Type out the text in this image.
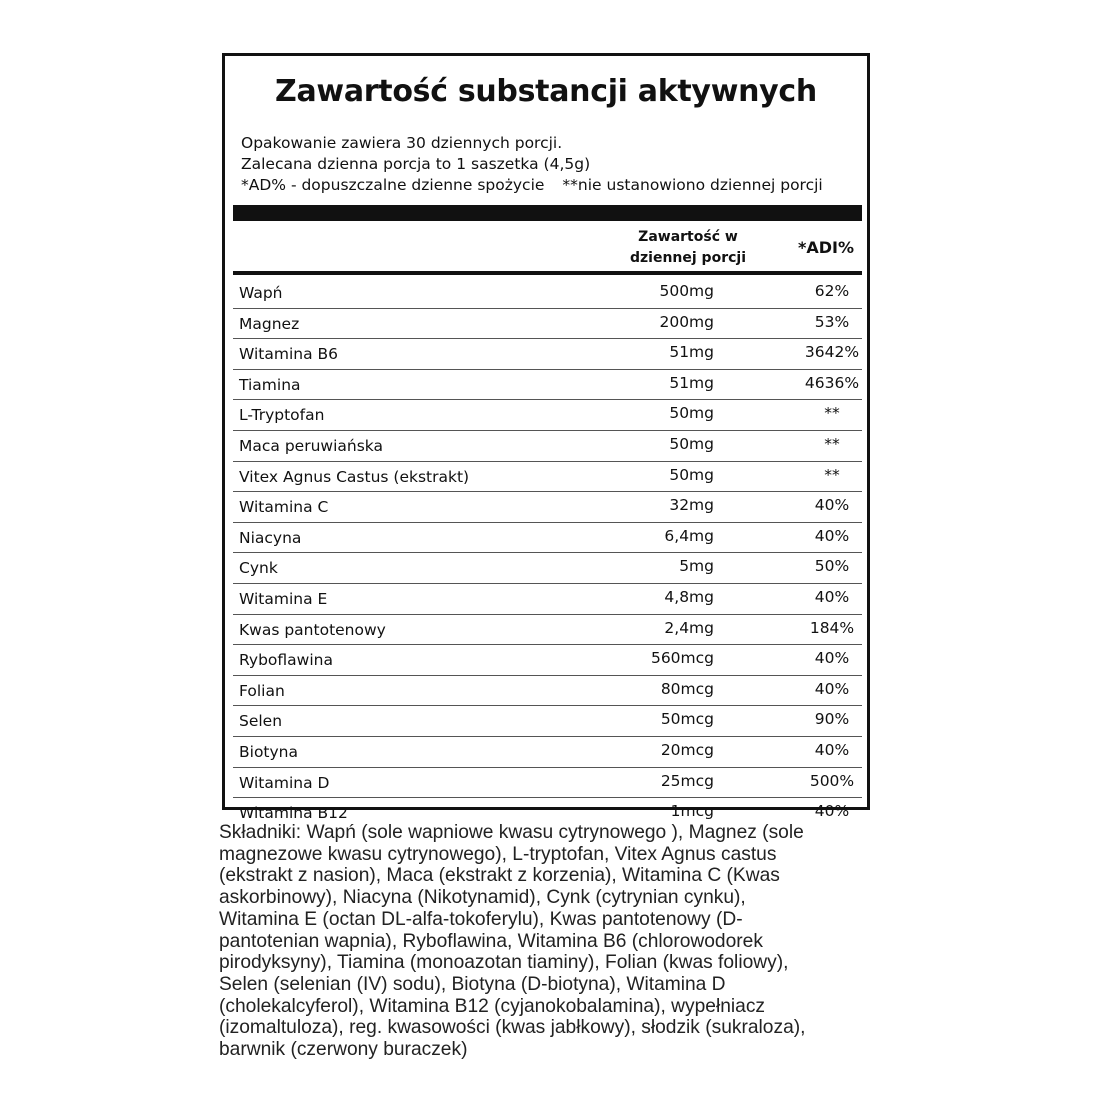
Zawartość substancji aktywnych
Opakowanie zawiera 30 dziennych porcji.
Zalecana dzienna porcja to 1 saszetka (4,5g)
*AD% - dopuszczalne dzienne spożycie **nie ustanowiono dziennej porcji
Zawartość w
dziennej porcji
*ADI%
Wapń	500mg	62%
Magnez	200mg	53%
Witamina B6	51mg	3642%
Tiamina	51mg	4636%
L-Tryptofan	50mg	**
Maca peruwiańska	50mg	**
Vitex Agnus Castus (ekstrakt)	50mg	**
Witamina C	32mg	40%
Niacyna	6,4mg	40%
Cynk	5mg	50%
Witamina E	4,8mg	40%
Kwas pantotenowy	2,4mg	184%
Ryboflawina	560mcg	40%
Folian	80mcg	40%
Selen	50mcg	90%
Biotyna	20mcg	40%
Witamina D	25mcg	500%
Witamina B12	1mcg	40%
Składniki: Wapń (sole wapniowe kwasu cytrynowego ), Magnez (sole
magnezowe kwasu cytrynowego), L-tryptofan, Vitex Agnus castus
(ekstrakt z nasion), Maca (ekstrakt z korzenia), Witamina C (Kwas
askorbinowy), Niacyna (Nikotynamid), Cynk (cytrynian cynku),
Witamina E (octan DL-alfa-tokoferylu), Kwas pantotenowy (D-
pantotenian wapnia), Ryboflawina, Witamina B6 (chlorowodorek
pirodyksyny), Tiamina (monoazotan tiaminy), Folian (kwas foliowy),
Selen (selenian (IV) sodu), Biotyna (D-biotyna), Witamina D
(cholekalcyferol), Witamina B12 (cyjanokobalamina), wypełniacz
(izomaltuloza), reg. kwasowości (kwas jabłkowy), słodzik (sukraloza),
barwnik (czerwony buraczek)
